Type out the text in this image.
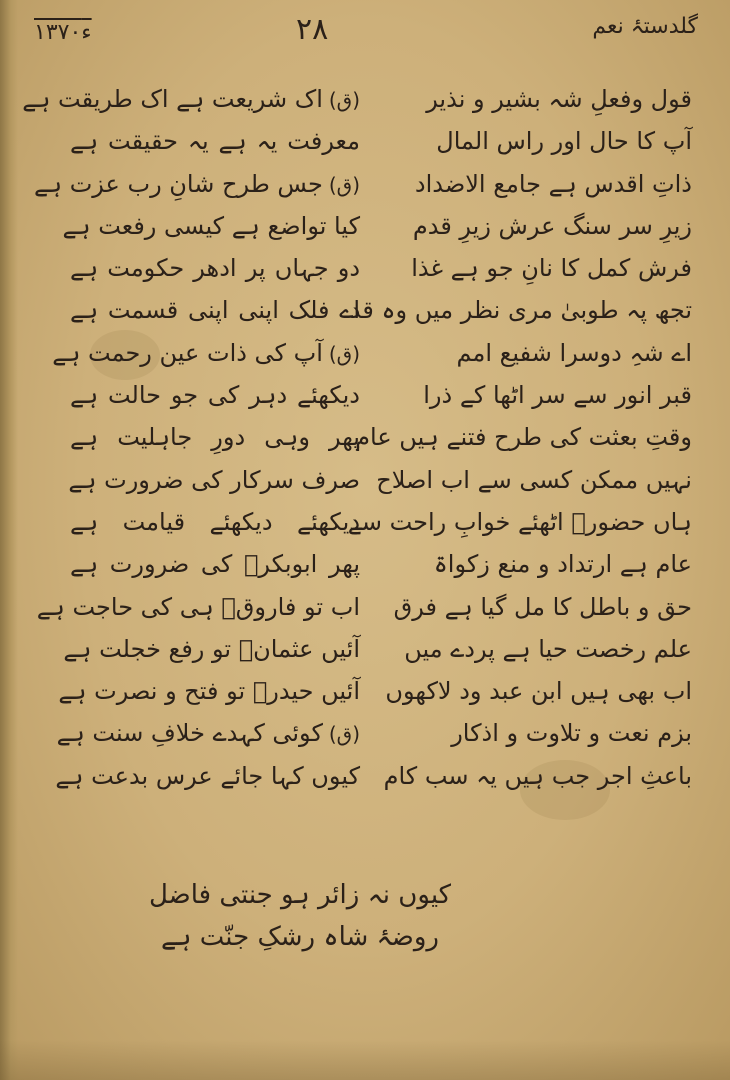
گلدستۂ نعم
۲۸
۱۳۷۰ء
قول وفعلِ شہ بشیر و نذیر
آپ کا حال اور راس المال
ذاتِ اقدس ہے جامع الاضداد
زیرِ سر سنگ عرش زیرِ قدم
فرش کمل کا نانِ جو ہے غذا
تجھ پہ طوبیٰ مری نظر میں وہ قد
اے شہِ دوسرا شفیع امم
قبر انور سے سر اٹھا کے ذرا
وقتِ بعثت کی طرح فتنے ہیں عام
نہیں ممکن کسی سے اب اصلاح
ہاں حضورؐ اٹھئے خوابِ راحت سے
عام ہے ارتداد و منع زکواۃ
حق و باطل کا مل گیا ہے فرق
علم رخصت حیا ہے پردے میں
اب بھی ہیں ابن عبد ود لاکھوں
بزم نعت و تلاوت و اذکار
باعثِ اجر جب ہیں یہ سب کام
(ق)اک شریعت ہے اک طریقت ہے
معرفت یہ ہے یہ حقیقت ہے
(ق)جس طرح شانِ رب عزت ہے
کیا تواضع ہے کیسی رفعت ہے
دو جہاں پر ادھر حکومت ہے
اے فلک اپنی اپنی قسمت ہے
(ق)آپ کی ذات عین رحمت ہے
دیکھئے دہر کی جو حالت ہے
پھر وہی دورِ جاہلیت ہے
صرف سرکار کی ضرورت ہے
دیکھئے دیکھئے قیامت ہے
پھر ابوبکرؓ کی ضرورت ہے
اب تو فاروقؓ ہی کی حاجت ہے
آئیں عثمانؓ تو رفع خجلت ہے
آئیں حیدرؓ تو فتح و نصرت ہے
(ق)کوئی کہدے خلافِ سنت ہے
کیوں کہا جائے عرس بدعت ہے
کیوں نہ زائر ہو جنتی فاضل
روضۂ شاہ رشکِ جنّت ہے
